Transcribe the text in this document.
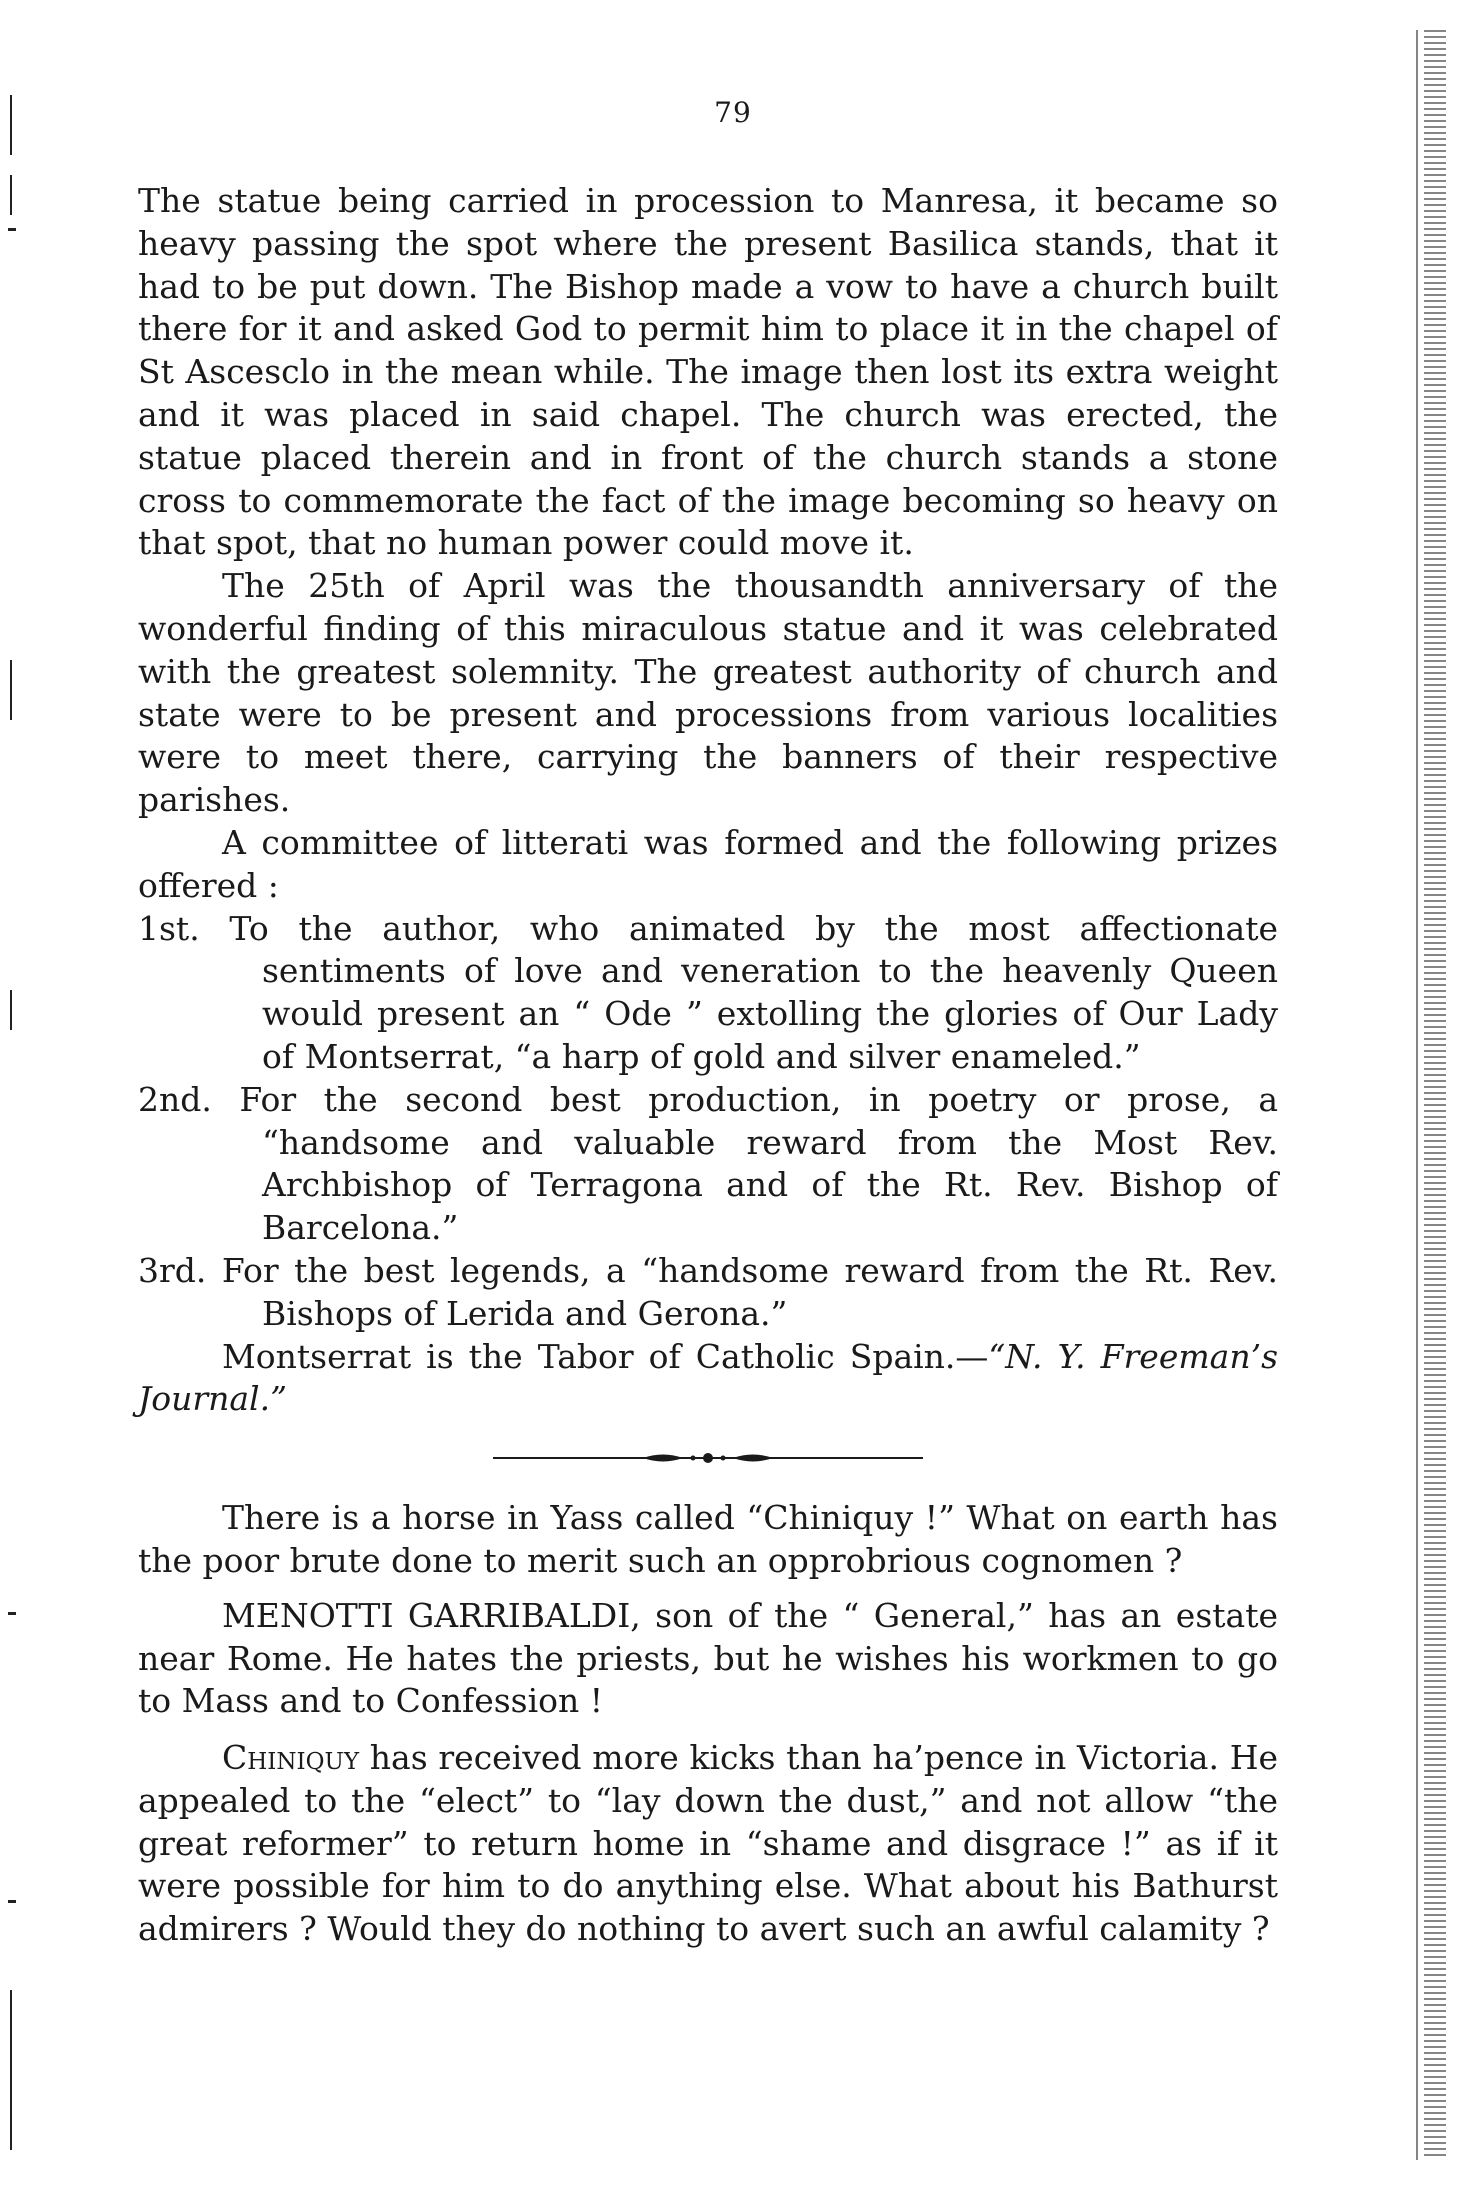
79

The statue being carried in procession to Manresa, it became so heavy passing the spot where the present Basilica stands, that it had to be put down. The Bishop made a vow to have a church built there for it and asked God to permit him to place it in the chapel of St Ascesclo in the mean while. The image then lost its extra weight and it was placed in said chapel. The church was erected, the statue placed therein and in front of the church stands a stone cross to commemorate the fact of the image becoming so heavy on that spot, that no human power could move it.

The 25th of April was the thousandth anniversary of the wonderful finding of this miraculous statue and it was celebrated with the greatest solemnity. The greatest authority of church and state were to be present and processions from various localities were to meet there, carrying the banners of their respective parishes.

A committee of litterati was formed and the following prizes offered :

1st. To the author, who animated by the most affectionate sentiments of love and veneration to the heavenly Queen would present an “ Ode ” extolling the glories of Our Lady of Montserrat, “a harp of gold and silver enameled.”

2nd. For the second best production, in poetry or prose, a “handsome and valuable reward from the Most Rev. Archbishop of Terragona and of the Rt. Rev. Bishop of Barcelona.”

3rd. For the best legends, a “handsome reward from the Rt. Rev. Bishops of Lerida and Gerona.”

Montserrat is the Tabor of Catholic Spain.—“N. Y. Freeman’s Journal.”

There is a horse in Yass called “Chiniquy !” What on earth has the poor brute done to merit such an opprobrious cognomen ?

MENOTTI GARRIBALDI, son of the “ General,” has an estate near Rome. He hates the priests, but he wishes his workmen to go to Mass and to Confession !

Chiniquy has received more kicks than ha’pence in Victoria. He appealed to the “elect” to “lay down the dust,” and not allow “the great reformer” to return home in “shame and disgrace !” as if it were possible for him to do anything else. What about his Bathurst admirers ? Would they do nothing to avert such an awful calamity ?
